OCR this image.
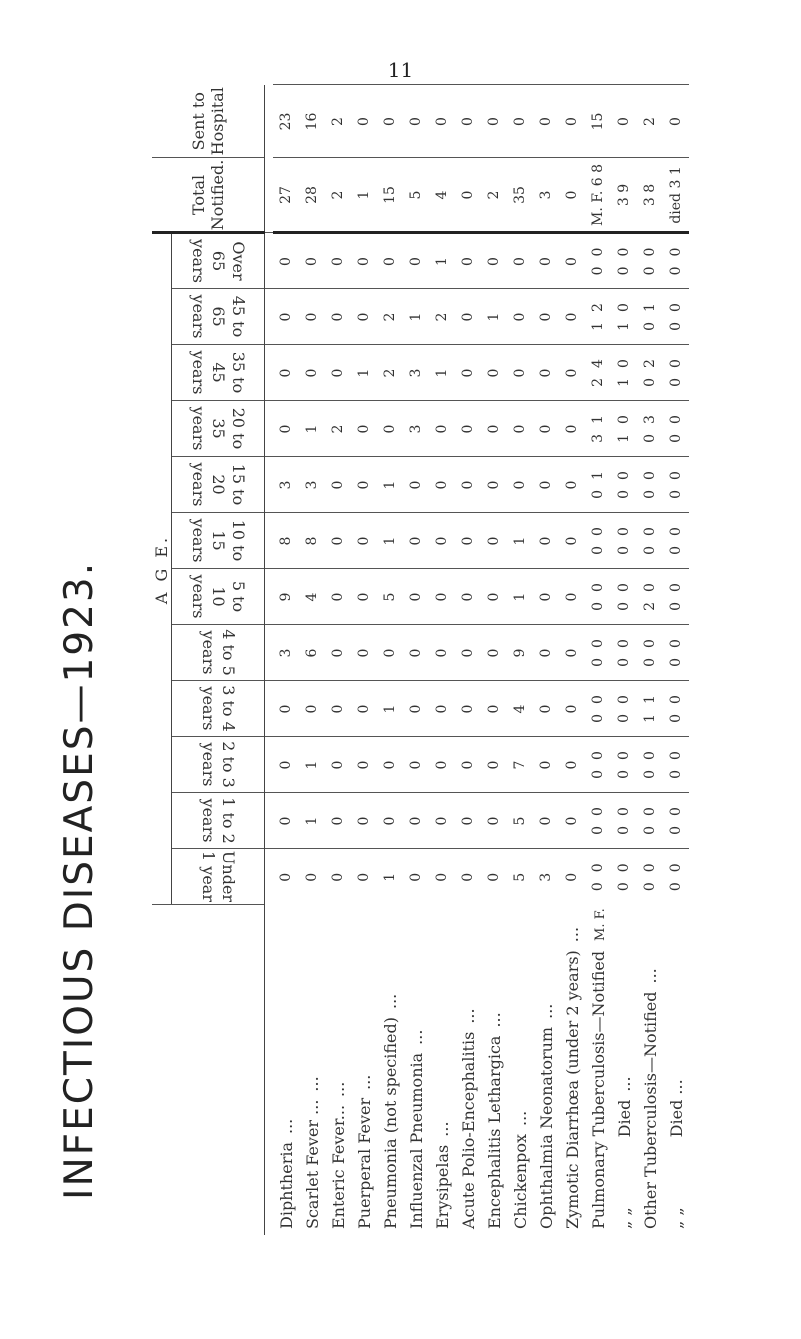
11
INFECTIOUS DISEASES—1923.
		A G E.												Total Notified.	Sent to Hospital
	Under 1 year	1 to 2 years	2 to 3 years	3 to 4 years	4 to 5 years	5 to 10 years	10 to 15 years	15 to 20 years	20 to 35 years	35 to 45 years	45 to 65 years	Over 65 years		

Diphtheria...	0	0	0	0	3	9	8	3	0	0	0	0	27	23
Scarlet Fever ......	0	1	1	0	6	4	8	3	1	0	0	0	28	16
Enteric Fever......	0	0	0	0	0	0	0	0	2	0	0	0	2	2
Puerperal Fever...	0	0	0	0	0	0	0	0	0	1	0	0	1	0
Pneumonia (not specified)...	1	0	0	1	0	5	1	1	0	2	2	0	15	0
Influenzal Pneumonia...	0	0	0	0	0	0	0	0	3	3	1	0	5	0
Erysipelas...	0	0	0	0	0	0	0	0	0	1	2	1	4	0
Acute Polio-Encephalitis...	0	0	0	0	0	0	0	0	0	0	0	0	0	0
Encephalitis Lethargica...	0	0	0	0	0	0	0	0	0	0	1	0	2	0
Chickenpox...	5	5	7	4	9	1	1	0	0	0	0	0	35	0
Ophthalmia Neonatorum...	3	0	0	0	0	0	0	0	0	0	0	0	3	0
Zymotic Diarrhœa (under 2 years)...	0	0	0	0	0	0	0	0	0	0	0	0	0	0
Pulmonary Tuberculosis—NotifiedM. F.	00	00	00	00	00	00	00	01	31	24	12	00	M. F. 6 8	15
„ „Died...	00	00	00	00	00	00	00	00	10	10	10	00	3 9	0
Other Tuberculosis—Notified...	00	00	00	11	00	20	00	00	03	02	01	00	3 8	2
„ „Died ...	00	00	00	00	00	00	00	00	00	00	00	00	died 3 1	0
